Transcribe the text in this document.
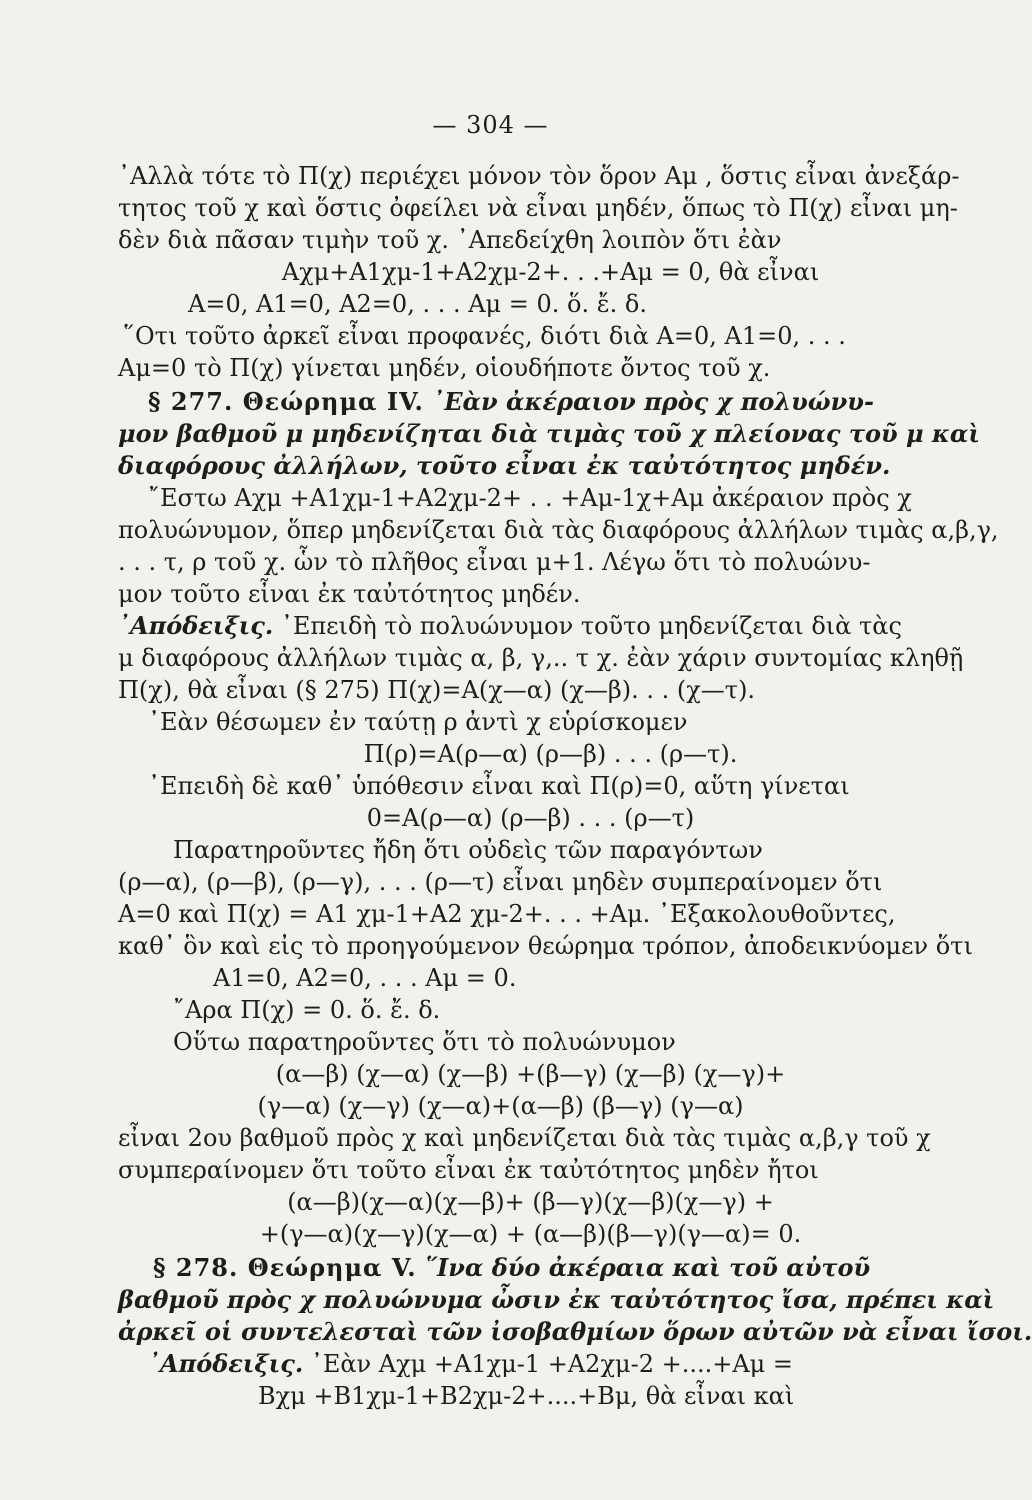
— 304 —
᾽Αλλὰ τότε τὸ Π(χ) περιέχει μόνον τὸν ὅρον Aμ , ὅστις εἶναι ἀνεξάρ-
τητος τοῦ χ καὶ ὅστις ὀφείλει νὰ εἶναι μηδέν, ὅπως τὸ Π(χ) εἶναι μη-
δὲν διὰ πᾶσαν τιμὴν τοῦ χ. ᾽Απεδείχθη λοιπὸν ὅτι ἐὰν
Aχμ+A1χμ-1+A2χμ-2+. . .+Aμ = 0, θὰ εἶναι
A=0, A1=0, A2=0, . . . Aμ = 0. ὅ. ἔ. δ.
῞Οτι τοῦτο ἀρκεῖ εἶναι προφανές, διότι διὰ A=0, A1=0, . . .
Aμ=0 τὸ Π(χ) γίνεται μηδέν, οἱουδήποτε ὄντος τοῦ χ.
§ 277. Θεώρημα IV. ᾽Εὰν ἀκέραιον πρὸς χ πολυώνυ-
μον βαθμοῦ μ μηδενίζηται διὰ τιμὰς τοῦ χ πλείονας τοῦ μ καὶ
διαφόρους ἀλλήλων, τοῦτο εἶναι ἐκ ταὐτότητος μηδέν.
῎Εστω Aχμ +A1χμ-1+A2χμ-2+ . . +Aμ-1χ+Aμ ἀκέραιον πρὸς χ
πολυώνυμον, ὅπερ μηδενίζεται διὰ τὰς διαφόρους ἀλλήλων τιμὰς α,β,γ,
. . . τ, ρ τοῦ χ. ὧν τὸ πλῆθος εἶναι μ+1. Λέγω ὅτι τὸ πολυώνυ-
μον τοῦτο εἶναι ἐκ ταὐτότητος μηδέν.
᾽Απόδειξις. ᾽Επειδὴ τὸ πολυώνυμον τοῦτο μηδενίζεται διὰ τὰς
μ διαφόρους ἀλλήλων τιμὰς α, β, γ,.. τ χ. ἐὰν χάριν συντομίας κληθῇ
Π(χ), θὰ εἶναι (§ 275) Π(χ)=A(χ—α) (χ—β). . . (χ—τ).
᾽Εὰν θέσωμεν ἐν ταύτῃ ρ ἀντὶ χ εὑρίσκομεν
Π(ρ)=A(ρ—α) (ρ—β) . . . (ρ—τ).
᾽Επειδὴ δὲ καθ᾽ ὑπόθεσιν εἶναι καὶ Π(ρ)=0, αὕτη γίνεται
0=A(ρ—α) (ρ—β) . . . (ρ—τ)
Παρατηροῦντες ἤδη ὅτι οὐδεὶς τῶν παραγόντων
(ρ—α), (ρ—β), (ρ—γ), . . . (ρ—τ) εἶναι μηδὲν συμπεραίνομεν ὅτι
A=0 καὶ Π(χ) = A1 χμ-1+A2 χμ-2+. . . +Aμ. ᾽Εξακολουθοῦντες,
καθ᾽ ὃν καὶ εἰς τὸ προηγούμενον θεώρημα τρόπον, ἀποδεικνύομεν ὅτι
A1=0, A2=0, . . . Aμ = 0.
῎Αρα Π(χ) = 0. ὅ. ἔ. δ.
Οὕτω παρατηροῦντες ὅτι τὸ πολυώνυμον
(α—β) (χ—α) (χ—β) +(β—γ) (χ—β) (χ—γ)+
(γ—α) (χ—γ) (χ—α)+(α—β) (β—γ) (γ—α)
εἶναι 2ου βαθμοῦ πρὸς χ καὶ μηδενίζεται διὰ τὰς τιμὰς α,β,γ τοῦ χ
συμπεραίνομεν ὅτι τοῦτο εἶναι ἐκ ταὐτότητος μηδὲν ἤτοι
(α—β)(χ—α)(χ—β)+ (β—γ)(χ—β)(χ—γ) +
+(γ—α)(χ—γ)(χ—α) + (α—β)(β—γ)(γ—α)= 0.
§ 278. Θεώρημα V. ῞Ινα δύο ἀκέραια καὶ τοῦ αὐτοῦ
βαθμοῦ πρὸς χ πολυώνυμα ὦσιν ἐκ ταὐτότητος ἴσα, πρέπει καὶ
ἀρκεῖ οἱ συντελεσταὶ τῶν ἰσοβαθμίων ὅρων αὐτῶν νὰ εἶναι ἴσοι.
᾽Απόδειξις. ᾽Εὰν Aχμ +A1χμ-1 +A2χμ-2 +....+Aμ =
Bχμ +B1χμ-1+B2χμ-2+....+Bμ, θὰ εἶναι καὶ
